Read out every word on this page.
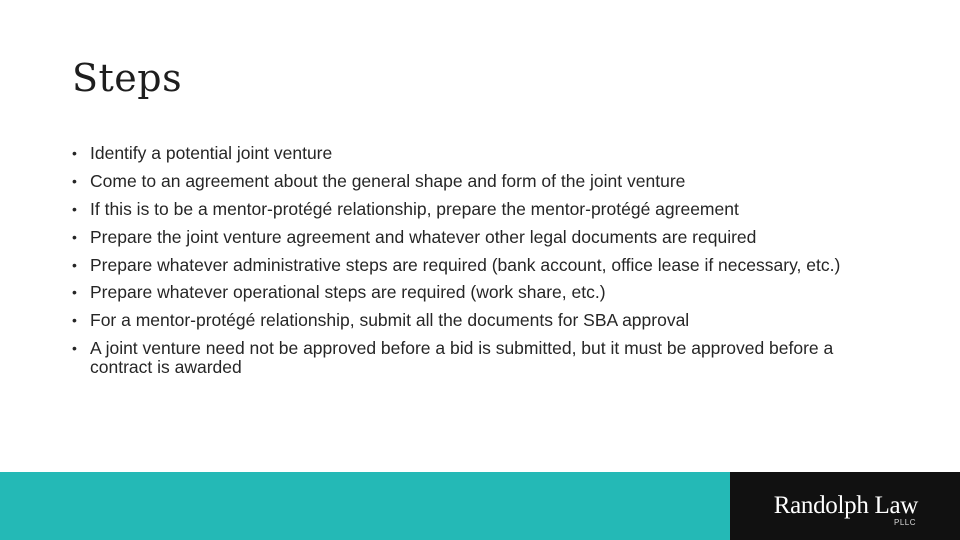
Steps
• Identify a potential joint venture
• Come to an agreement about the general shape and form of the joint venture
• If this is to be a mentor-protégé relationship, prepare the mentor-protégé agreement
• Prepare the joint venture agreement and whatever other legal documents are required
• Prepare whatever administrative steps are required (bank account, office lease if necessary, etc.)
• Prepare whatever operational steps are required (work share, etc.)
• For a mentor-protégé relationship, submit all the documents for SBA approval
• A joint venture need not be approved before a bid is submitted, but it must be approved before a contract is awarded
Randolph Law
PLLC
